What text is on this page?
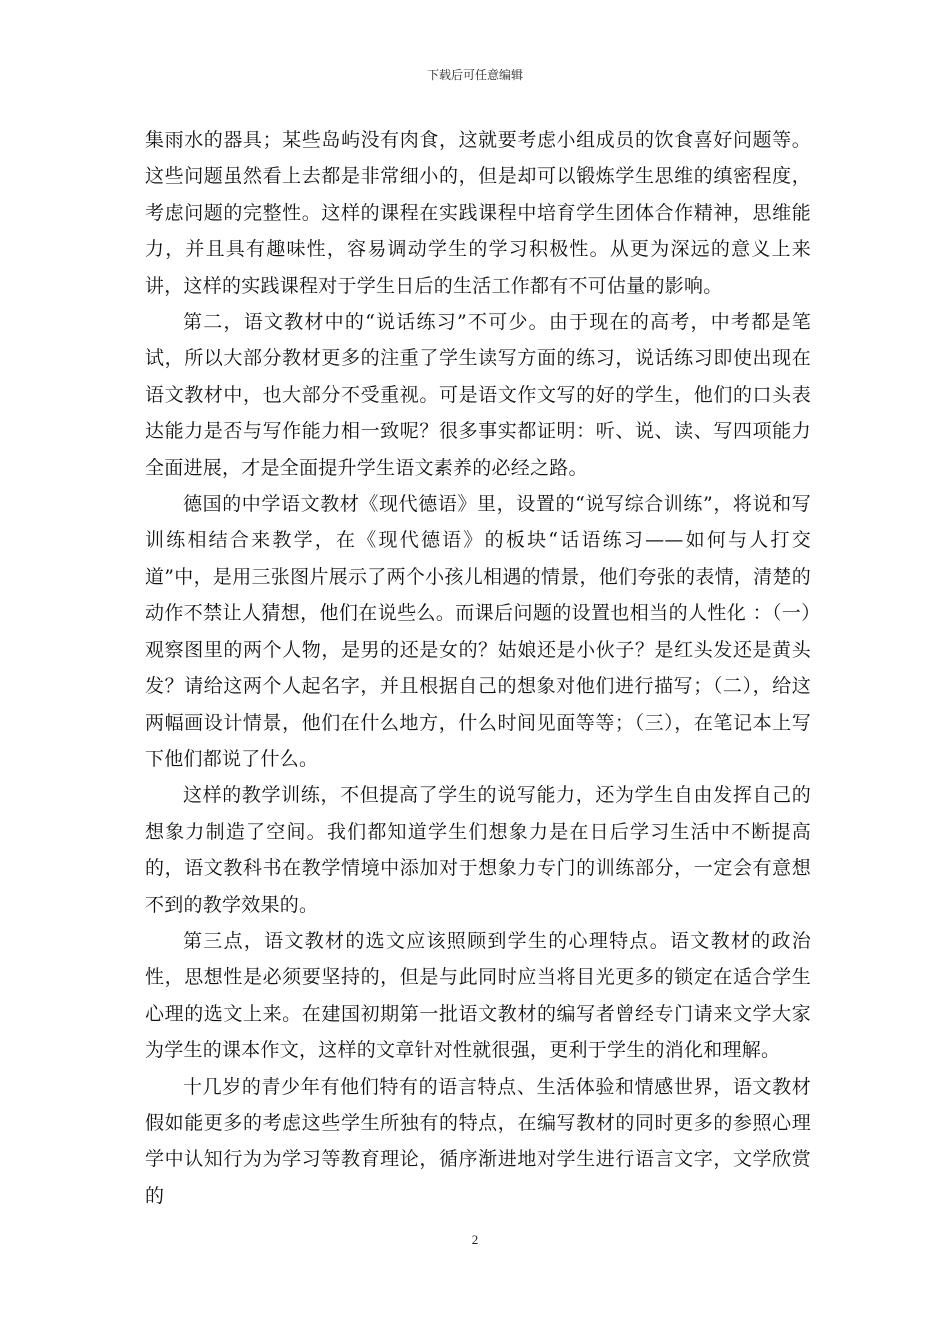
下载后可任意编辑

集雨水的器具；某些岛屿没有肉食，这就要考虑小组成员的饮食喜好问题等。这些问题虽然看上去都是非常细小的，但是却可以锻炼学生思维的缜密程度，考虑问题的完整性。这样的课程在实践课程中培育学生团体合作精神，思维能力，并且具有趣味性，容易调动学生的学习积极性。从更为深远的意义上来讲，这样的实践课程对于学生日后的生活工作都有不可估量的影响。

第二，语文教材中的“说话练习”不可少。由于现在的高考，中考都是笔试，所以大部分教材更多的注重了学生读写方面的练习，说话练习即使出现在语文教材中，也大部分不受重视。可是语文作文写的好的学生，他们的口头表达能力是否与写作能力相一致呢？很多事实都证明：听、说、读、写四项能力全面进展，才是全面提升学生语文素养的必经之路。

德国的中学语文教材《现代德语》里，设置的“说写综合训练”，将说和写训练相结合来教学，在《现代德语》的板块“话语练习——如何与人打交道”中，是用三张图片展示了两个小孩儿相遇的情景，他们夸张的表情，清楚的动作不禁让人猜想，他们在说些么。而课后问题的设置也相当的人性化 ：（一）观察图里的两个人物，是男的还是女的？姑娘还是小伙子？是红头发还是黄头发？请给这两个人起名字，并且根据自己的想象对他们进行描写；（二），给这两幅画设计情景，他们在什么地方，什么时间见面等等；（三），在笔记本上写下他们都说了什么。

这样的教学训练，不但提高了学生的说写能力，还为学生自由发挥自己的想象力制造了空间。我们都知道学生们想象力是在日后学习生活中不断提高的，语文教科书在教学情境中添加对于想象力专门的训练部分，一定会有意想不到的教学效果的。

第三点，语文教材的选文应该照顾到学生的心理特点。语文教材的政治性，思想性是必须要坚持的，但是与此同时应当将目光更多的锁定在适合学生心理的选文上来。在建国初期第一批语文教材的编写者曾经专门请来文学大家为学生的课本作文，这样的文章针对性就很强，更利于学生的消化和理解。

十几岁的青少年有他们特有的语言特点、生活体验和情感世界，语文教材假如能更多的考虑这些学生所独有的特点，在编写教材的同时更多的参照心理学中认知行为为学习等教育理论，循序渐进地对学生进行语言文字，文学欣赏的

2
